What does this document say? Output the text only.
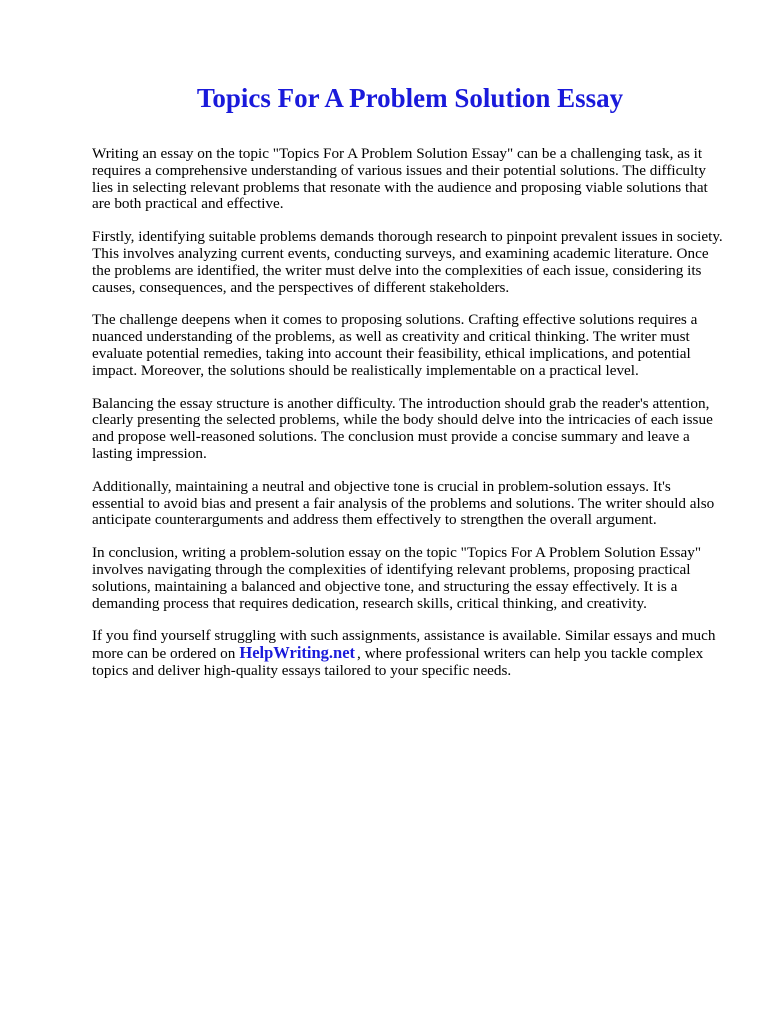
Topics For A Problem Solution Essay

Writing an essay on the topic "Topics For A Problem Solution Essay" can be a challenging task, as it requires a comprehensive understanding of various issues and their potential solutions. The difficulty lies in selecting relevant problems that resonate with the audience and proposing viable solutions that are both practical and effective.

Firstly, identifying suitable problems demands thorough research to pinpoint prevalent issues in society. This involves analyzing current events, conducting surveys, and examining academic literature. Once the problems are identified, the writer must delve into the complexities of each issue, considering its causes, consequences, and the perspectives of different stakeholders.

The challenge deepens when it comes to proposing solutions. Crafting effective solutions requires a nuanced understanding of the problems, as well as creativity and critical thinking. The writer must evaluate potential remedies, taking into account their feasibility, ethical implications, and potential impact. Moreover, the solutions should be realistically implementable on a practical level.

Balancing the essay structure is another difficulty. The introduction should grab the reader's attention, clearly presenting the selected problems, while the body should delve into the intricacies of each issue and propose well-reasoned solutions. The conclusion must provide a concise summary and leave a lasting impression.

Additionally, maintaining a neutral and objective tone is crucial in problem-solution essays. It's essential to avoid bias and present a fair analysis of the problems and solutions. The writer should also anticipate counterarguments and address them effectively to strengthen the overall argument.

In conclusion, writing a problem-solution essay on the topic "Topics For A Problem Solution Essay" involves navigating through the complexities of identifying relevant problems, proposing practical solutions, maintaining a balanced and objective tone, and structuring the essay effectively. It is a demanding process that requires dedication, research skills, critical thinking, and creativity.

If you find yourself struggling with such assignments, assistance is available. Similar essays and much more can be ordered on HelpWriting.net , where professional writers can help you tackle complex topics and deliver high-quality essays tailored to your specific needs.
